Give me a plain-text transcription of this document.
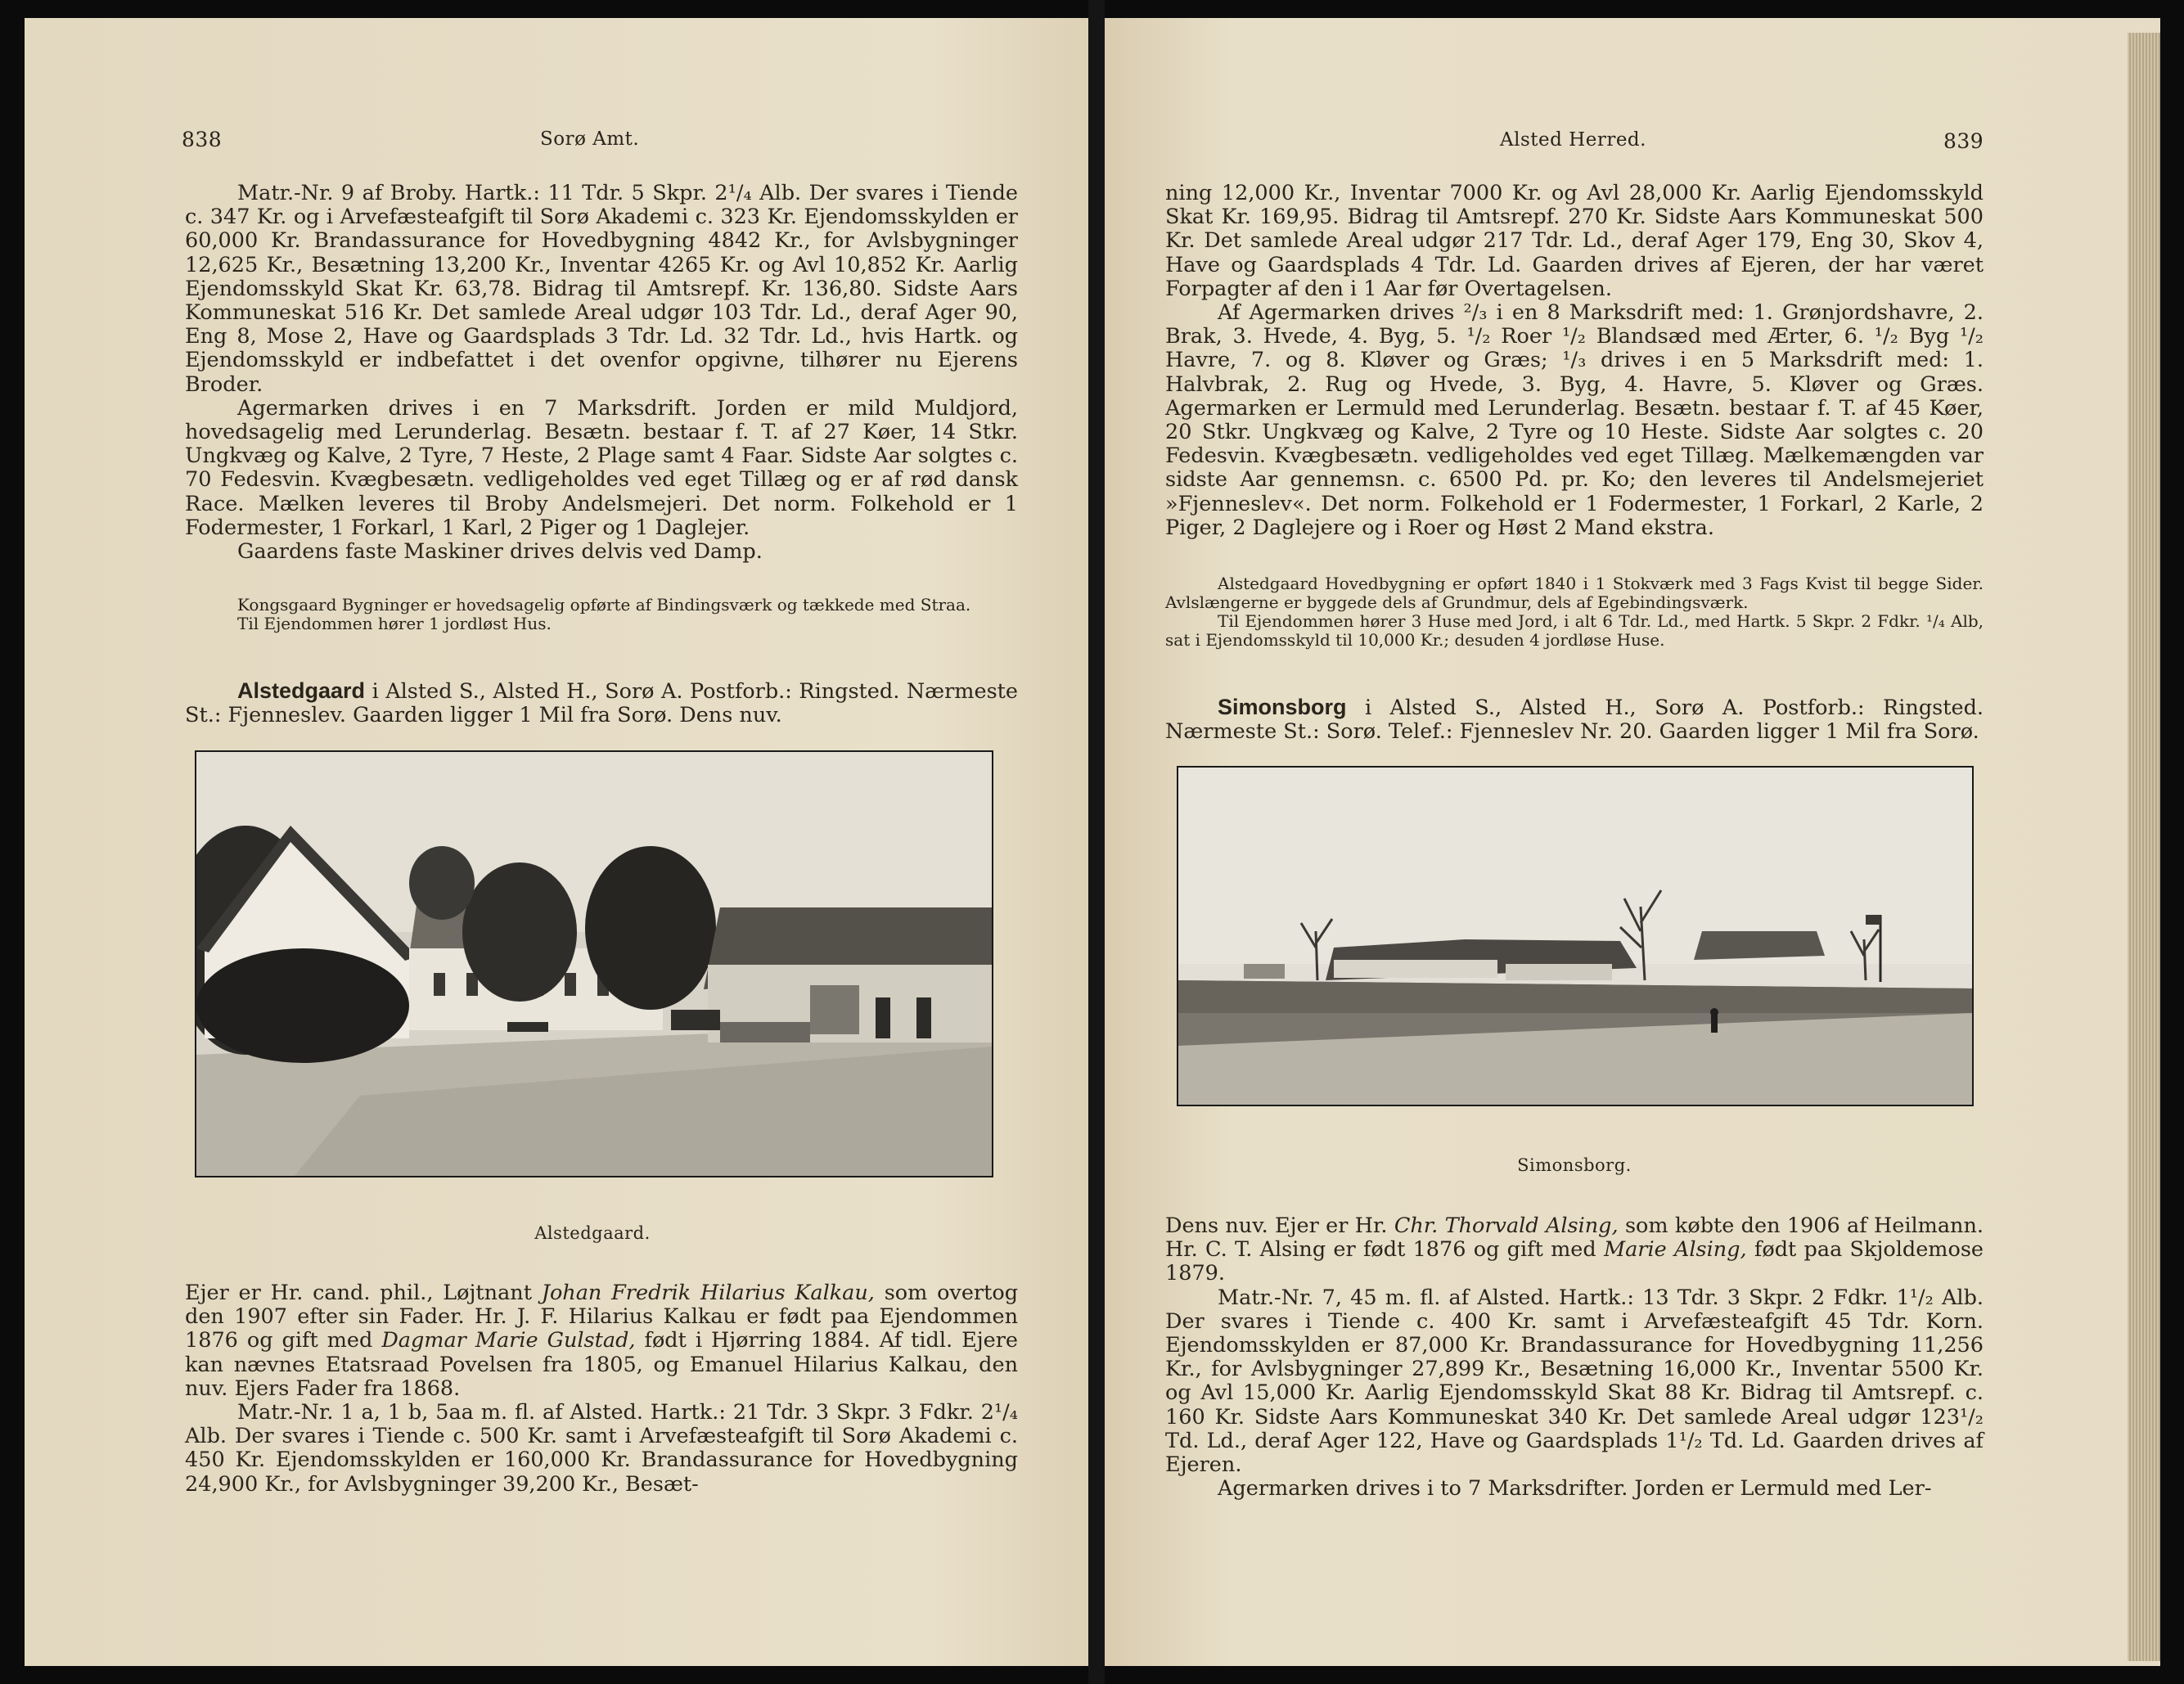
838	Sorø Amt.

Matr.-Nr. 9 af Broby. Hartk.: 11 Tdr. 5 Skpr. 2¹/₄ Alb. Der svares i Tiende c. 347 Kr. og i Arvefæsteafgift til Sorø Akademi c. 323 Kr. Ejendomsskylden er 60,000 Kr. Brandassurance for Hovedbygning 4842 Kr., for Avlsbygninger 12,625 Kr., Besætning 13,200 Kr., Inventar 4265 Kr. og Avl 10,852 Kr. Aarlig Ejendomsskyld Skat Kr. 63,78. Bidrag til Amtsrepf. Kr. 136,80. Sidste Aars Kommuneskat 516 Kr. Det samlede Areal udgør 103 Tdr. Ld., deraf Ager 90, Eng 8, Mose 2, Have og Gaardsplads 3 Tdr. Ld. 32 Tdr. Ld., hvis Hartk. og Ejendomsskyld er indbefattet i det ovenfor opgivne, tilhører nu Ejerens Broder.

Agermarken drives i en 7 Marksdrift. Jorden er mild Muldjord, hovedsagelig med Lerunderlag. Besætn. bestaar f. T. af 27 Køer, 14 Stkr. Ungkvæg og Kalve, 2 Tyre, 7 Heste, 2 Plage samt 4 Faar. Sidste Aar solgtes c. 70 Fedesvin. Kvægbesætn. vedligeholdes ved eget Tillæg og er af rød dansk Race. Mælken leveres til Broby Andelsmejeri. Det norm. Folkehold er 1 Fodermester, 1 Forkarl, 1 Karl, 2 Piger og 1 Daglejer.

Gaardens faste Maskiner drives delvis ved Damp.

Kongsgaard Bygninger er hovedsagelig opførte af Bindingsværk og tækkede med Straa.

Til Ejendommen hører 1 jordløst Hus.

Alstedgaard i Alsted S., Alsted H., Sorø A. Postforb.: Ringsted. Nærmeste St.: Fjenneslev. Gaarden ligger 1 Mil fra Sorø. Dens nuv.

Alstedgaard.

Ejer er Hr. cand. phil., Løjtnant Johan Fredrik Hilarius Kalkau, som overtog den 1907 efter sin Fader. Hr. J. F. Hilarius Kalkau er født paa Ejendommen 1876 og gift med Dagmar Marie Gulstad, født i Hjørring 1884. Af tidl. Ejere kan nævnes Etatsraad Povelsen fra 1805, og Emanuel Hilarius Kalkau, den nuv. Ejers Fader fra 1868.

Matr.-Nr. 1 a, 1 b, 5aa m. fl. af Alsted. Hartk.: 21 Tdr. 3 Skpr. 3 Fdkr. 2¹/₄ Alb. Der svares i Tiende c. 500 Kr. samt i Arvefæsteafgift til Sorø Akademi c. 450 Kr. Ejendomsskylden er 160,000 Kr. Brandassurance for Hovedbygning 24,900 Kr., for Avlsbygninger 39,200 Kr., Besæt-

Alsted Herred.	839

ning 12,000 Kr., Inventar 7000 Kr. og Avl 28,000 Kr. Aarlig Ejendomsskyld Skat Kr. 169,95. Bidrag til Amtsrepf. 270 Kr. Sidste Aars Kommuneskat 500 Kr. Det samlede Areal udgør 217 Tdr. Ld., deraf Ager 179, Eng 30, Skov 4, Have og Gaardsplads 4 Tdr. Ld. Gaarden drives af Ejeren, der har været Forpagter af den i 1 Aar før Overtagelsen.

Af Agermarken drives ²/₃ i en 8 Marksdrift med: 1. Grønjordshavre, 2. Brak, 3. Hvede, 4. Byg, 5. ¹/₂ Roer ¹/₂ Blandsæd med Ærter, 6. ¹/₂ Byg ¹/₂ Havre, 7. og 8. Kløver og Græs; ¹/₃ drives i en 5 Marksdrift med: 1. Halvbrak, 2. Rug og Hvede, 3. Byg, 4. Havre, 5. Kløver og Græs. Agermarken er Lermuld med Lerunderlag. Besætn. bestaar f. T. af 45 Køer, 20 Stkr. Ungkvæg og Kalve, 2 Tyre og 10 Heste. Sidste Aar solgtes c. 20 Fedesvin. Kvægbesætn. vedligeholdes ved eget Tillæg. Mælkemængden var sidste Aar gennemsn. c. 6500 Pd. pr. Ko; den leveres til Andelsmejeriet »Fjenneslev«. Det norm. Folkehold er 1 Fodermester, 1 Forkarl, 2 Karle, 2 Piger, 2 Daglejere og i Roer og Høst 2 Mand ekstra.

Alstedgaard Hovedbygning er opført 1840 i 1 Stokværk med 3 Fags Kvist til begge Sider. Avlslængerne er byggede dels af Grundmur, dels af Egebindingsværk.

Til Ejendommen hører 3 Huse med Jord, i alt 6 Tdr. Ld., med Hartk. 5 Skpr. 2 Fdkr. ¹/₄ Alb, sat i Ejendomsskyld til 10,000 Kr.; desuden 4 jordløse Huse.

Simonsborg i Alsted S., Alsted H., Sorø A. Postforb.: Ringsted. Nærmeste St.: Sorø. Telef.: Fjenneslev Nr. 20. Gaarden ligger 1 Mil fra Sorø.

Simonsborg.

Dens nuv. Ejer er Hr. Chr. Thorvald Alsing, som købte den 1906 af Heilmann. Hr. C. T. Alsing er født 1876 og gift med Marie Alsing, født paa Skjoldemose 1879.

Matr.-Nr. 7, 45 m. fl. af Alsted. Hartk.: 13 Tdr. 3 Skpr. 2 Fdkr. 1¹/₂ Alb. Der svares i Tiende c. 400 Kr. samt i Arvefæsteafgift 45 Tdr. Korn. Ejendomsskylden er 87,000 Kr. Brandassurance for Hovedbygning 11,256 Kr., for Avlsbygninger 27,899 Kr., Besætning 16,000 Kr., Inventar 5500 Kr. og Avl 15,000 Kr. Aarlig Ejendomsskyld Skat 88 Kr. Bidrag til Amtsrepf. c. 160 Kr. Sidste Aars Kommuneskat 340 Kr. Det samlede Areal udgør 123¹/₂ Td. Ld., deraf Ager 122, Have og Gaardsplads 1¹/₂ Td. Ld. Gaarden drives af Ejeren.

Agermarken drives i to 7 Marksdrifter. Jorden er Lermuld med Ler-
